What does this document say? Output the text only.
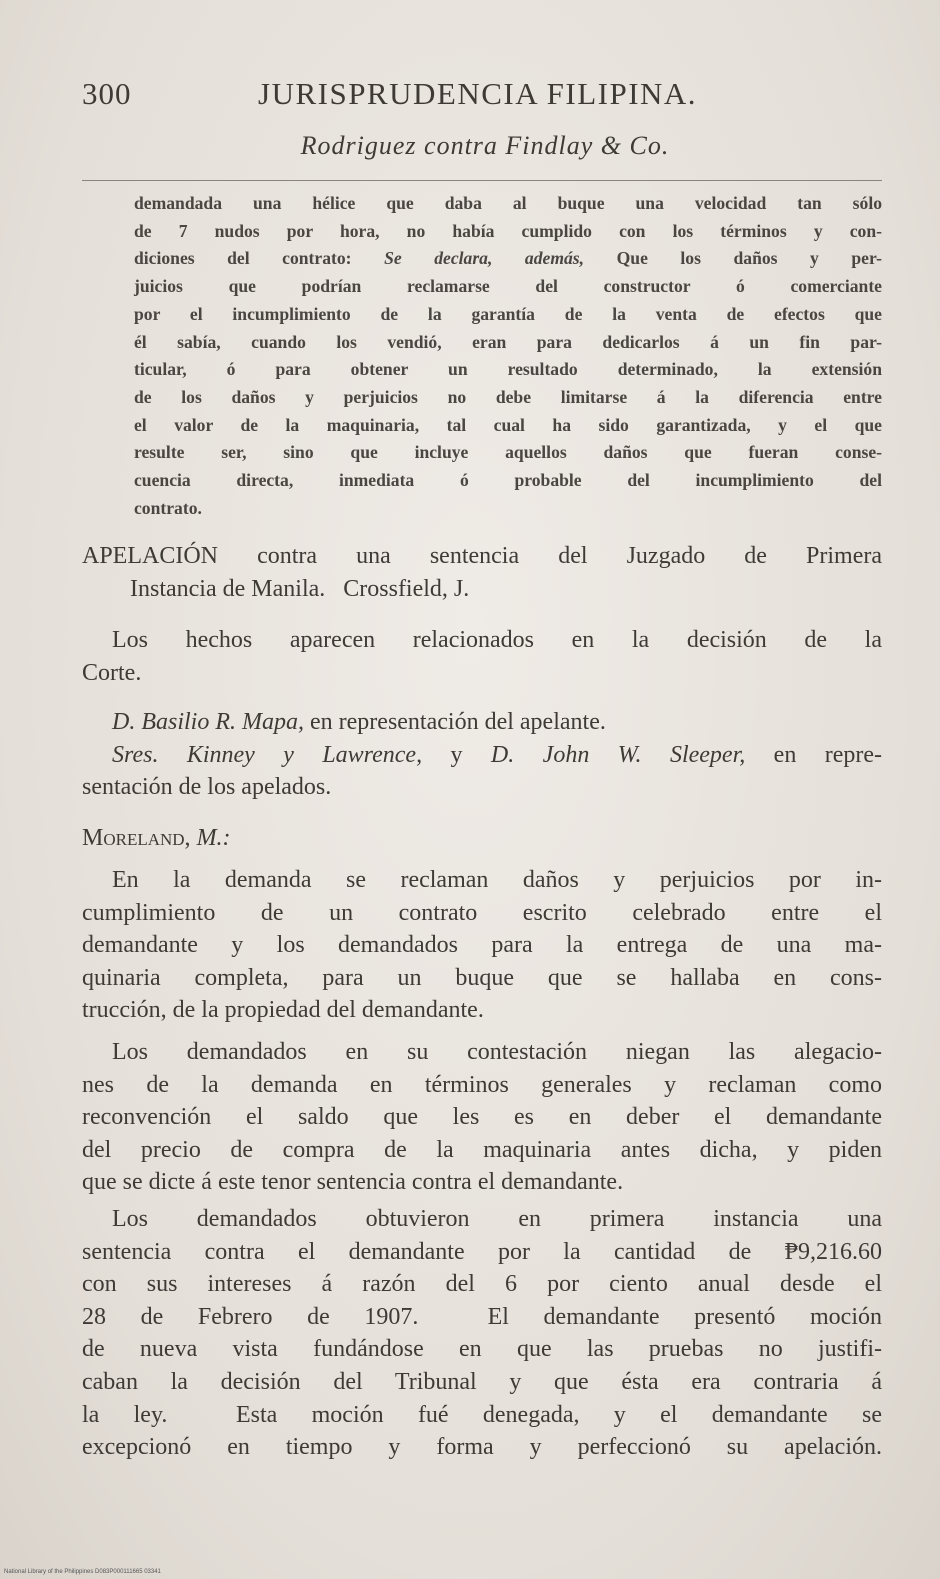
300	JURISPRUDENCIA FILIPINA.
Rodriguez contra Findlay & Co.
demandada una hélice que daba al buque una velocidad tan sólo
de 7 nudos por hora, no había cumplido con los términos y con-
diciones del contrato: Se declara, además, Que los daños y per-
juicios que podrían reclamarse del constructor ó comerciante
por el incumplimiento de la garantía de la venta de efectos que
él sabía, cuando los vendió, eran para dedicarlos á un fin par-
ticular, ó para obtener un resultado determinado, la extensión
de los daños y perjuicios no debe limitarse á la diferencia entre
el valor de la maquinaria, tal cual ha sido garantizada, y el que
resulte ser, sino que incluye aquellos daños que fueran conse-
cuencia directa, inmediata ó probable del incumplimiento del
contrato.
APELACIÓN contra una sentencia del Juzgado de Primera
Instancia de Manila.   Crossfield, J.
Los hechos aparecen relacionados en la decisión de la
Corte.
D. Basilio R. Mapa, en representación del apelante.
Sres. Kinney y Lawrence, y D. John W. Sleeper, en repre-
sentación de los apelados.
Moreland, M.:
En la demanda se reclaman daños y perjuicios por in-
cumplimiento de un contrato escrito celebrado entre el
demandante y los demandados para la entrega de una ma-
quinaria completa, para un buque que se hallaba en cons-
trucción, de la propiedad del demandante.
Los demandados en su contestación niegan las alegacio-
nes de la demanda en términos generales y reclaman como
reconvención el saldo que les es en deber el demandante
del precio de compra de la maquinaria antes dicha, y piden
que se dicte á este tenor sentencia contra el demandante.
Los demandados obtuvieron en primera instancia una
sentencia contra el demandante por la cantidad de ₱9,216.60
con sus intereses á razón del 6 por ciento anual desde el
28 de Febrero de 1907.  El demandante presentó moción
de nueva vista fundándose en que las pruebas no justifi-
caban la decisión del Tribunal y que ésta era contraria á
la ley.  Esta moción fué denegada, y el demandante se
excepcionó en tiempo y forma y perfeccionó su apelación.
National Library of the Philippines D083P000111665 03341
